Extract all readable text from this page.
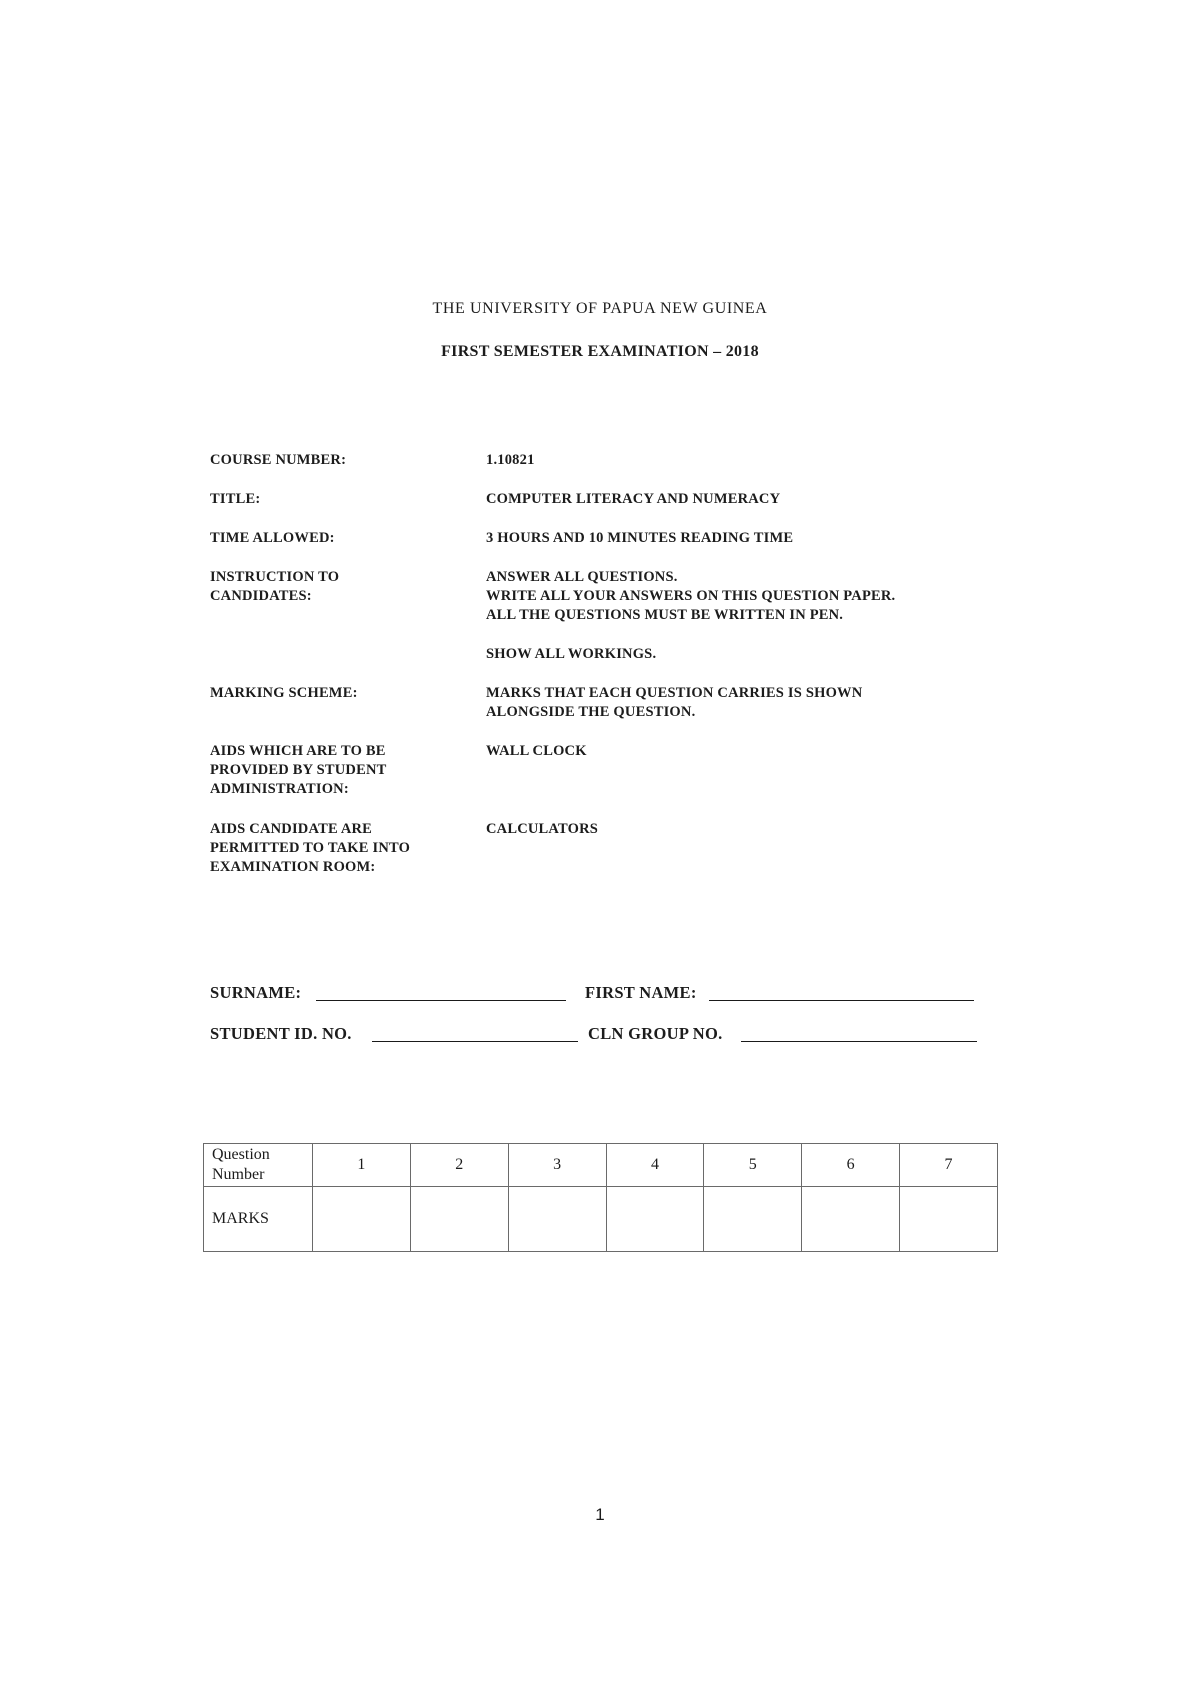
THE UNIVERSITY OF PAPUA NEW GUINEA
FIRST SEMESTER EXAMINATION – 2018
COURSE NUMBER:	1.10821
TITLE:	COMPUTER LITERACY AND NUMERACY
TIME ALLOWED:	3 HOURS AND 10 MINUTES READING TIME
INSTRUCTION TO CANDIDATES:
ANSWER ALL QUESTIONS.
WRITE ALL YOUR ANSWERS ON THIS QUESTION PAPER.
ALL THE QUESTIONS MUST BE WRITTEN IN PEN.
SHOW ALL WORKINGS.
MARKING SCHEME:	MARKS THAT EACH QUESTION CARRIES IS SHOWN ALONGSIDE THE QUESTION.
AIDS WHICH ARE TO BE PROVIDED BY STUDENT ADMINISTRATION:
WALL CLOCK
AIDS CANDIDATE ARE PERMITTED TO TAKE INTO EXAMINATION ROOM:
CALCULATORS
SURNAME:	FIRST NAME:
STUDENT ID. NO.	CLN GROUP NO.
Question Number	1	2	3	4	5	6	7
MARKS							
1
